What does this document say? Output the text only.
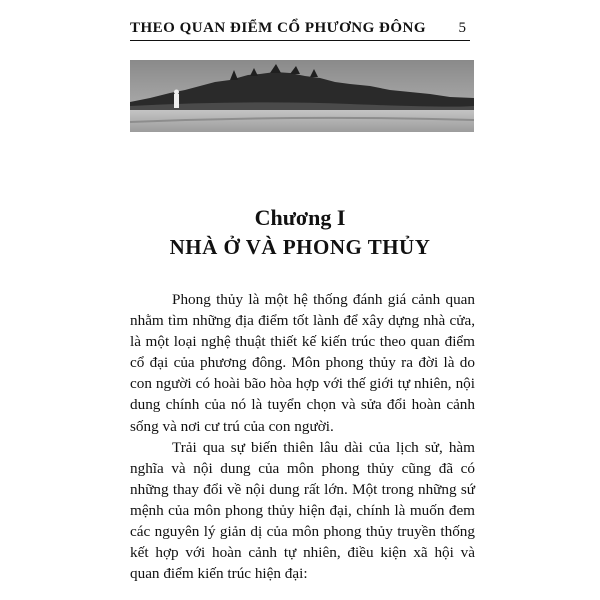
THEO QUAN ĐIỂM CỔ PHƯƠNG ĐÔNG 5
Chương I
NHÀ Ở VÀ PHONG THỦY

Phong thủy là một hệ thống đánh giá cảnh quan nhằm tìm những địa điểm tốt lành để xây dựng nhà cửa, là một loại nghệ thuật thiết kế kiến trúc theo quan điểm cổ đại của phương đông. Môn phong thủy ra đời là do con người có hoài bão hòa hợp với thế giới tự nhiên, nội dung chính của nó là tuyển chọn và sửa đổi hoàn cảnh sống và nơi cư trú của con người.

Trải qua sự biến thiên lâu dài của lịch sử, hàm nghĩa và nội dung của môn phong thủy cũng đã có những thay đổi về nội dung rất lớn. Một trong những sứ mệnh của môn phong thủy hiện đại, chính là muốn đem các nguyên lý giản dị của môn phong thủy truyền thống kết hợp với hoàn cảnh tự nhiên, điều kiện xã hội và quan điểm kiến trúc hiện đại:
